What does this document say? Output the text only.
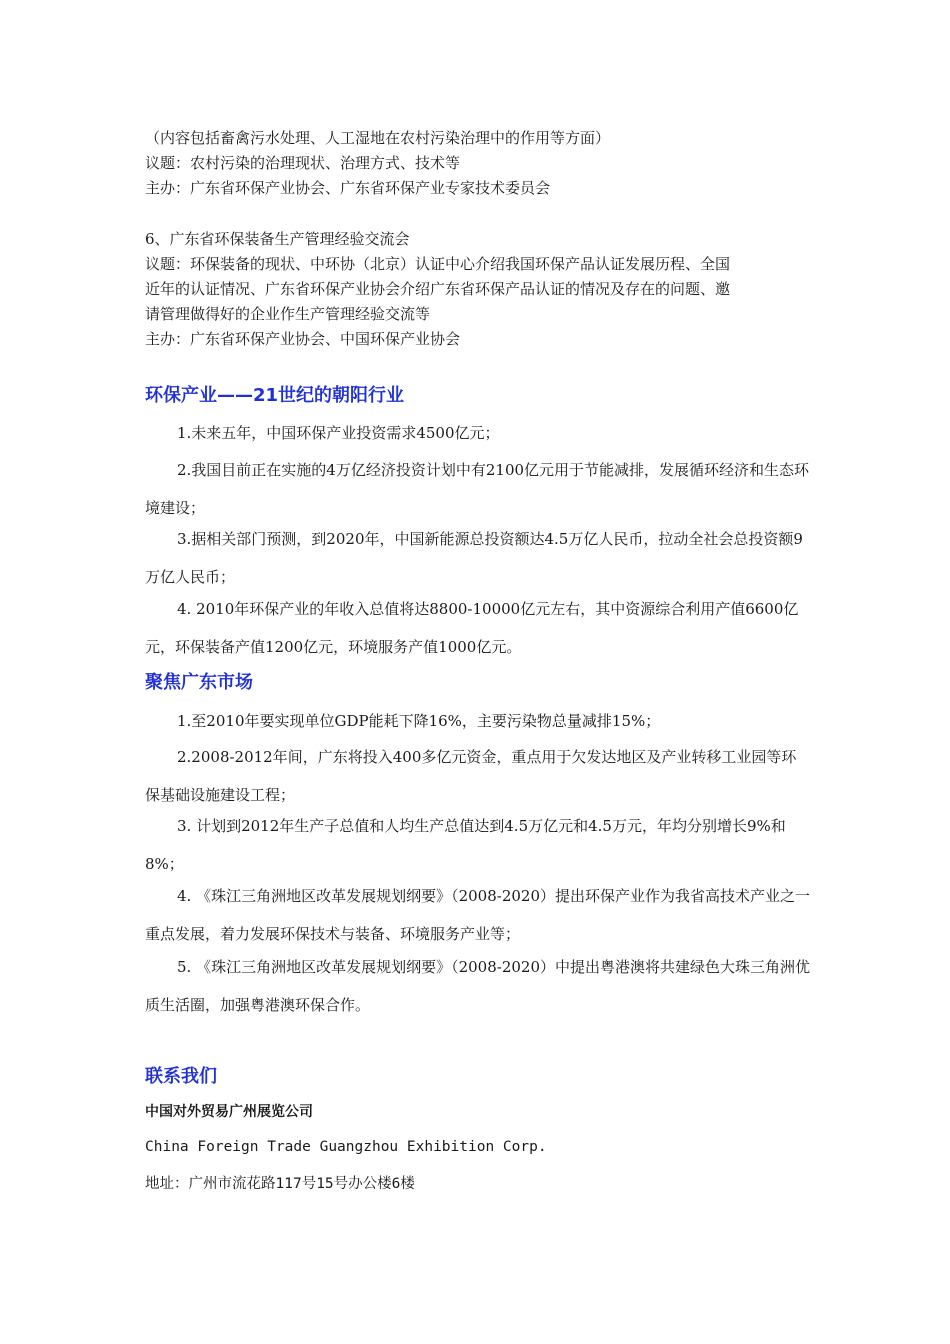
（内容包括畜禽污水处理、人工湿地在农村污染治理中的作用等方面）

议题：农村污染的治理现状、治理方式、技术等

主办：广东省环保产业协会、广东省环保产业专家技术委员会

6、广东省环保装备生产管理经验交流会

议题：环保装备的现状、中环协（北京）认证中心介绍我国环保产品认证发展历程、全国

近年的认证情况、广东省环保产业协会介绍广东省环保产品认证的情况及存在的问题、邀

请管理做得好的企业作生产管理经验交流等

主办：广东省环保产业协会、中国环保产业协会

环保产业——21世纪的朝阳行业

1.未来五年，中国环保产业投资需求4500亿元；

2.我国目前正在实施的4万亿经济投资计划中有2100亿元用于节能减排，发展循环经济和生态环境建设；

3.据相关部门预测，到2020年，中国新能源总投资额达4.5万亿人民币，拉动全社会总投资额9万亿人民币；

4. 2010年环保产业的年收入总值将达8800-10000亿元左右，其中资源综合利用产值6600亿元，环保装备产值1200亿元，环境服务产值1000亿元。

聚焦广东市场

1.至2010年要实现单位GDP能耗下降16%，主要污染物总量减排15%；

2.2008-2012年间，广东将投入400多亿元资金，重点用于欠发达地区及产业转移工业园等环保基础设施建设工程；

3. 计划到2012年生产子总值和人均生产总值达到4.5万亿元和4.5万元，年均分别增长9%和8%；

4. 《珠江三角洲地区改革发展规划纲要》（2008-2020）提出环保产业作为我省高技术产业之一重点发展，着力发展环保技术与装备、环境服务产业等；

5. 《珠江三角洲地区改革发展规划纲要》（2008-2020）中提出粤港澳将共建绿色大珠三角洲优质生活圈，加强粤港澳环保合作。

联系我们

中国对外贸易广州展览公司

China Foreign Trade Guangzhou Exhibition Corp.

地址：广州市流花路117号15号办公楼6楼
